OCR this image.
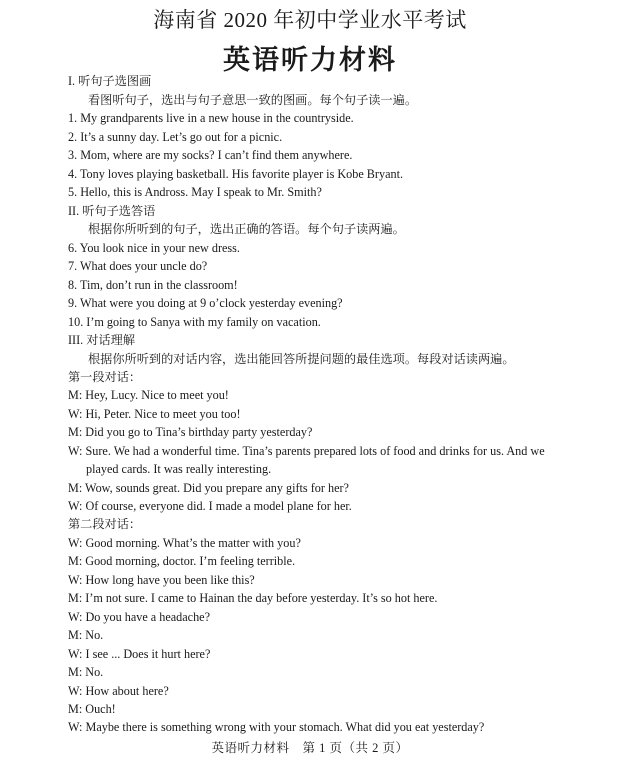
海南省 2020 年初中学业水平考试
英语听力材料
I. 听句子选图画
看图听句子，选出与句子意思一致的图画。每个句子读一遍。
1. My grandparents live in a new house in the countryside.
2. It’s a sunny day. Let’s go out for a picnic.
3. Mom, where are my socks? I can’t find them anywhere.
4. Tony loves playing basketball. His favorite player is Kobe Bryant.
5. Hello, this is Andross. May I speak to Mr. Smith?
II. 听句子选答语
根据你所听到的句子，选出正确的答语。每个句子读两遍。
6. You look nice in your new dress.
7. What does your uncle do?
8. Tim, don’t run in the classroom!
9. What were you doing at 9 o’clock yesterday evening?
10. I’m going to Sanya with my family on vacation.
III. 对话理解
根据你所听到的对话内容，选出能回答所提问题的最佳选项。每段对话读两遍。
第一段对话：
M: Hey, Lucy. Nice to meet you!
W: Hi, Peter. Nice to meet you too!
M: Did you go to Tina’s birthday party yesterday?
W: Sure. We had a wonderful time. Tina’s parents prepared lots of food and drinks for us. And we
played cards. It was really interesting.
M: Wow, sounds great. Did you prepare any gifts for her?
W: Of course, everyone did. I made a model plane for her.
第二段对话：
W: Good morning. What’s the matter with you?
M: Good morning, doctor. I’m feeling terrible.
W: How long have you been like this?
M: I’m not sure. I came to Hainan the day before yesterday. It’s so hot here.
W: Do you have a headache?
M: No.
W: I see ... Does it hurt here?
M: No.
W: How about here?
M: Ouch!
W: Maybe there is something wrong with your stomach. What did you eat yesterday?
英语听力材料　第 1 页（共 2 页）
